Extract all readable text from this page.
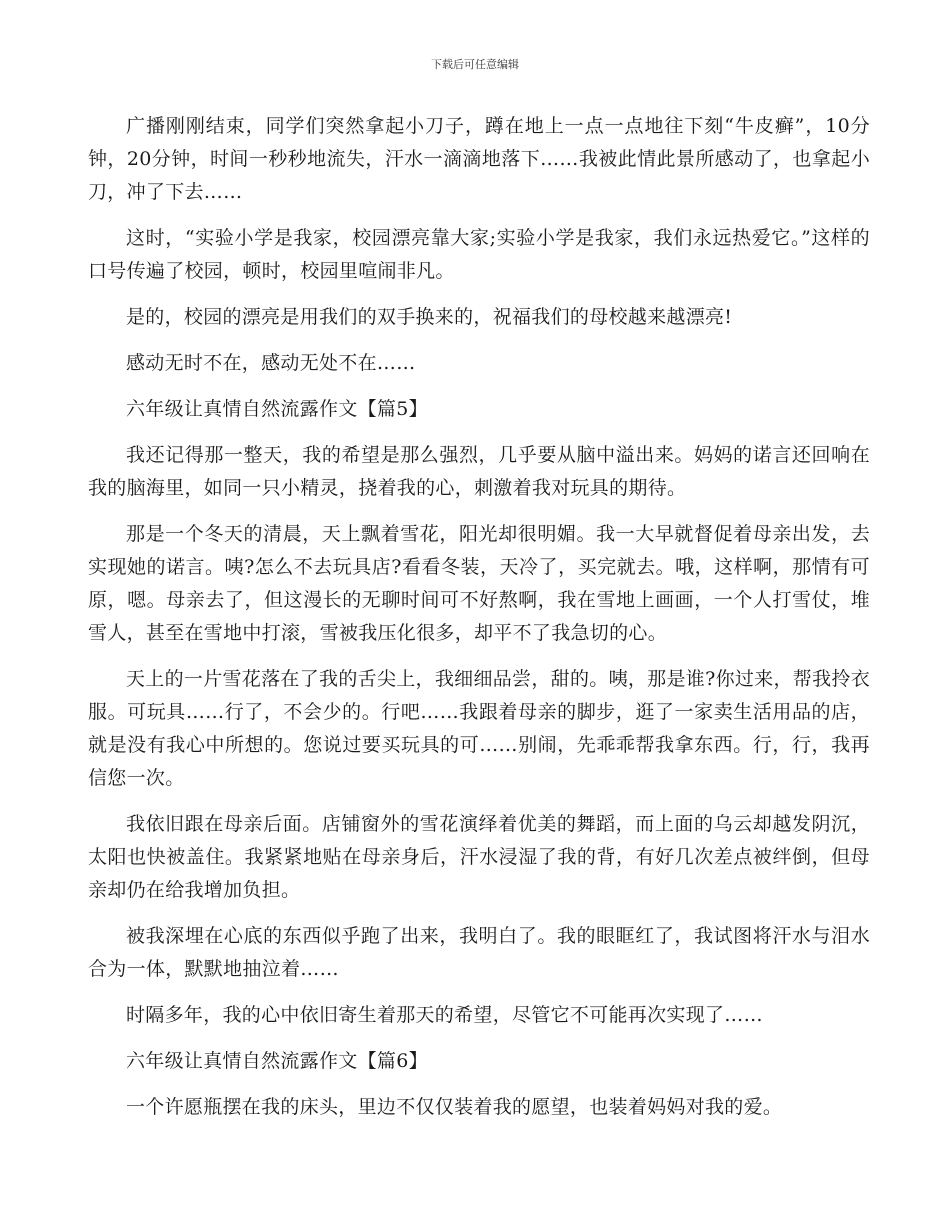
下载后可任意编辑

广播刚刚结束，同学们突然拿起小刀子，蹲在地上一点一点地往下刻“牛皮癣”，10分钟，20分钟，时间一秒秒地流失，汗水一滴滴地落下……我被此情此景所感动了，也拿起小刀，冲了下去……

这时，“实验小学是我家，校园漂亮靠大家;实验小学是我家，我们永远热爱它。”这样的口号传遍了校园，顿时，校园里喧闹非凡。

是的，校园的漂亮是用我们的双手换来的，祝福我们的母校越来越漂亮!

感动无时不在，感动无处不在……

六年级让真情自然流露作文【篇5】

我还记得那一整天，我的希望是那么强烈，几乎要从脑中溢出来。妈妈的诺言还回响在我的脑海里，如同一只小精灵，挠着我的心，刺激着我对玩具的期待。

那是一个冬天的清晨，天上飘着雪花，阳光却很明媚。我一大早就督促着母亲出发，去实现她的诺言。咦?怎么不去玩具店?看看冬装，天冷了，买完就去。哦，这样啊，那情有可原，嗯。母亲去了，但这漫长的无聊时间可不好熬啊，我在雪地上画画，一个人打雪仗，堆雪人，甚至在雪地中打滚，雪被我压化很多，却平不了我急切的心。

天上的一片雪花落在了我的舌尖上，我细细品尝，甜的。咦，那是谁?你过来，帮我拎衣服。可玩具……行了，不会少的。行吧……我跟着母亲的脚步，逛了一家卖生活用品的店，就是没有我心中所想的。您说过要买玩具的可……别闹，先乖乖帮我拿东西。行，行，我再信您一次。

我依旧跟在母亲后面。店铺窗外的雪花演绎着优美的舞蹈，而上面的乌云却越发阴沉，太阳也快被盖住。我紧紧地贴在母亲身后，汗水浸湿了我的背，有好几次差点被绊倒，但母亲却仍在给我增加负担。

被我深埋在心底的东西似乎跑了出来，我明白了。我的眼眶红了，我试图将汗水与泪水合为一体，默默地抽泣着……

时隔多年，我的心中依旧寄生着那天的希望，尽管它不可能再次实现了……

六年级让真情自然流露作文【篇6】

一个许愿瓶摆在我的床头，里边不仅仅装着我的愿望，也装着妈妈对我的爱。
